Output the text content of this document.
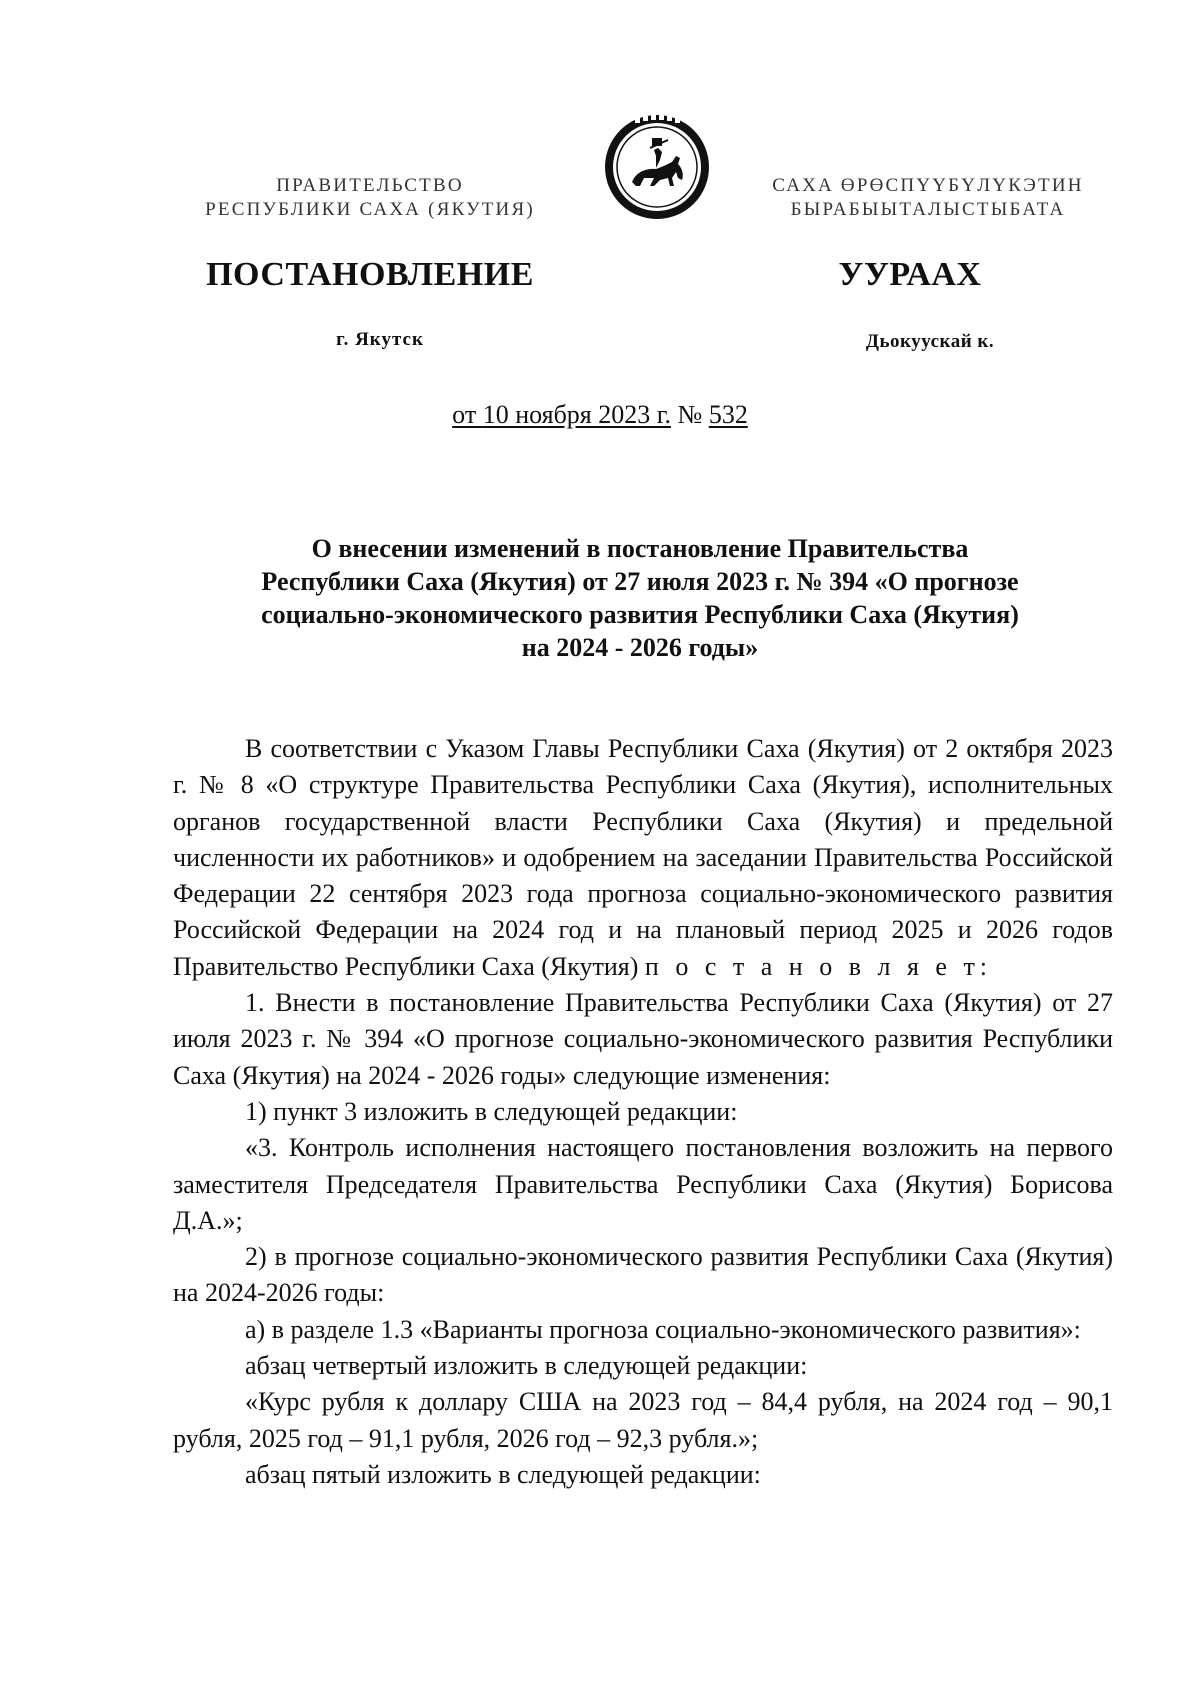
ПРАВИТЕЛЬСТВО
РЕСПУБЛИКИ САХА (ЯКУТИЯ)
САХА ӨРӨСПҮҮБҮЛҮКЭТИН
БЫРАБЫЫТАЛЫСТЫБАТА
ПОСТАНОВЛЕНИЕ	УУРААХ
г. Якутск	Дьокуускай к.
от 10 ноября 2023 г. № 532
О внесении изменений в постановление Правительства
Республики Саха (Якутия) от 27 июля 2023 г. № 394 «О прогнозе
социально-экономического развития Республики Саха (Якутия)
на 2024 - 2026 годы»

В соответствии с Указом Главы Республики Саха (Якутия) от 2 октября 2023 г. № 8 «О структуре Правительства Республики Саха (Якутия), исполнительных органов государственной власти Республики Саха (Якутия) и предельной численности их работников» и одобрением на заседании Правительства Российской Федерации 22 сентября 2023 года прогноза социально-экономического развития Российской Федерации на 2024 год и на плановый период 2025 и 2026 годов Правительство Республики Саха (Якутия) п о с т а н о в л я е т:

1. Внести в постановление Правительства Республики Саха (Якутия) от 27 июля 2023 г. № 394 «О прогнозе социально-экономического развития Республики Саха (Якутия) на 2024 - 2026 годы» следующие изменения:

1) пункт 3 изложить в следующей редакции:

«3. Контроль исполнения настоящего постановления возложить на первого заместителя Председателя Правительства Республики Саха (Якутия) Борисова Д.А.»;

2) в прогнозе социально-экономического развития Республики Саха (Якутия) на 2024-2026 годы:

а) в разделе 1.3 «Варианты прогноза социально-экономического развития»:

абзац четвертый изложить в следующей редакции:

«Курс рубля к доллару США на 2023 год – 84,4 рубля, на 2024 год – 90,1 рубля, 2025 год – 91,1 рубля, 2026 год – 92,3 рубля.»;

абзац пятый изложить в следующей редакции:
